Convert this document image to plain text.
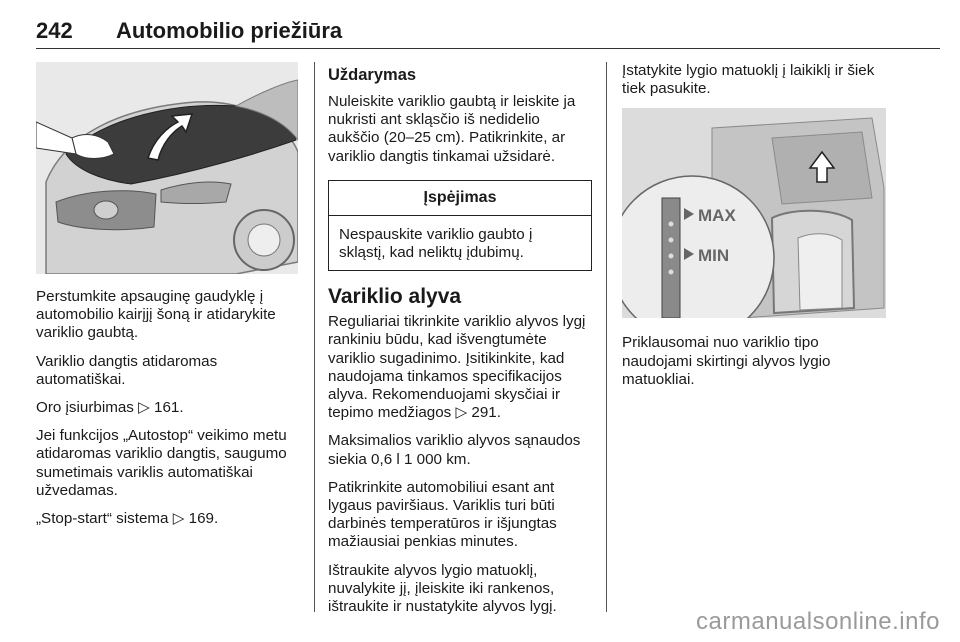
242 Automobilio priežiūra

Perstumkite apsauginę gaudyklę į automobilio kairįjį šoną ir atidarykite variklio gaubtą.

Variklio dangtis atidaromas automatiškai.

Oro įsiurbimas ▷ 161.

Jei funkcijos „Autostop“ veikimo metu atidaromas variklio dangtis, saugumo sumetimais variklis automatiškai užvedamas.

„Stop-start“ sistema ▷ 169.

Uždarymas

Nuleiskite variklio gaubtą ir leiskite ja nukristi ant skląsčio iš nedidelio aukščio (20–25 cm). Patikrinkite, ar variklio dangtis tinkamai užsidarė.

Įspėjimas
Nespauskite variklio gaubto į skląstį, kad neliktų įdubimų.
Variklio alyva

Reguliariai tikrinkite variklio alyvos lygį rankiniu būdu, kad išvengtumėte variklio sugadinimo. Įsitikinkite, kad naudojama tinkamos specifikacijos alyva. Rekomenduojami skysčiai ir tepimo medžiagos ▷ 291.

Maksimalios variklio alyvos sąnaudos siekia 0,6 l 1 000 km.

Patikrinkite automobiliui esant ant lygaus paviršiaus. Variklis turi būti darbinės temperatūros ir išjungtas mažiausiai penkias minutes.

Ištraukite alyvos lygio matuoklį, nuvalykite jį, įleiskite iki rankenos, ištraukite ir nustatykite alyvos lygį.

Įstatykite lygio matuoklį į laikiklį ir šiek tiek pasukite.

MAX
MIN

Priklausomai nuo variklio tipo naudojami skirtingi alyvos lygio matuokliai.

carmanualsonline.info
